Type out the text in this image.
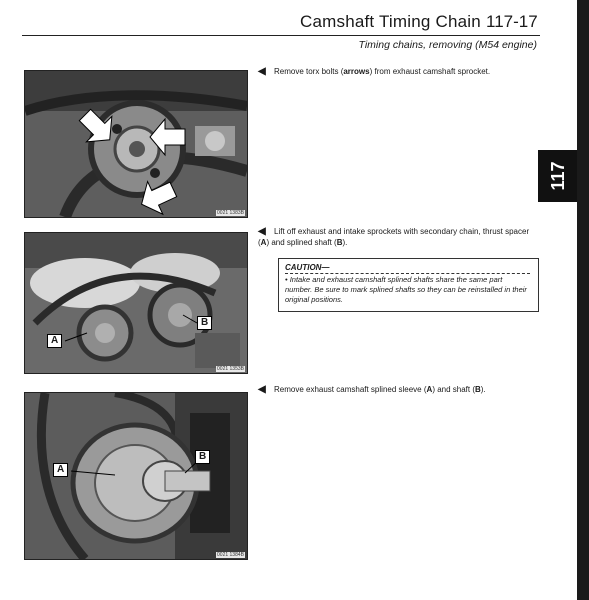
Camshaft Timing Chain 117-17
Timing chains, removing (M54 engine)
117
0021 1383B
A
B
0021 1353B
A
B
0021 1384B
◀ Remove torx bolts (arrows) from exhaust camshaft sprocket.
◀ Lift off exhaust and intake sprockets with secondary chain, thrust spacer (A) and splined shaft (B).
CAUTION—
• Intake and exhaust camshaft splined shafts share the same part number. Be sure to mark splined shafts so they can be reinstalled in their original positions.
◀ Remove exhaust camshaft splined sleeve (A) and shaft (B).
